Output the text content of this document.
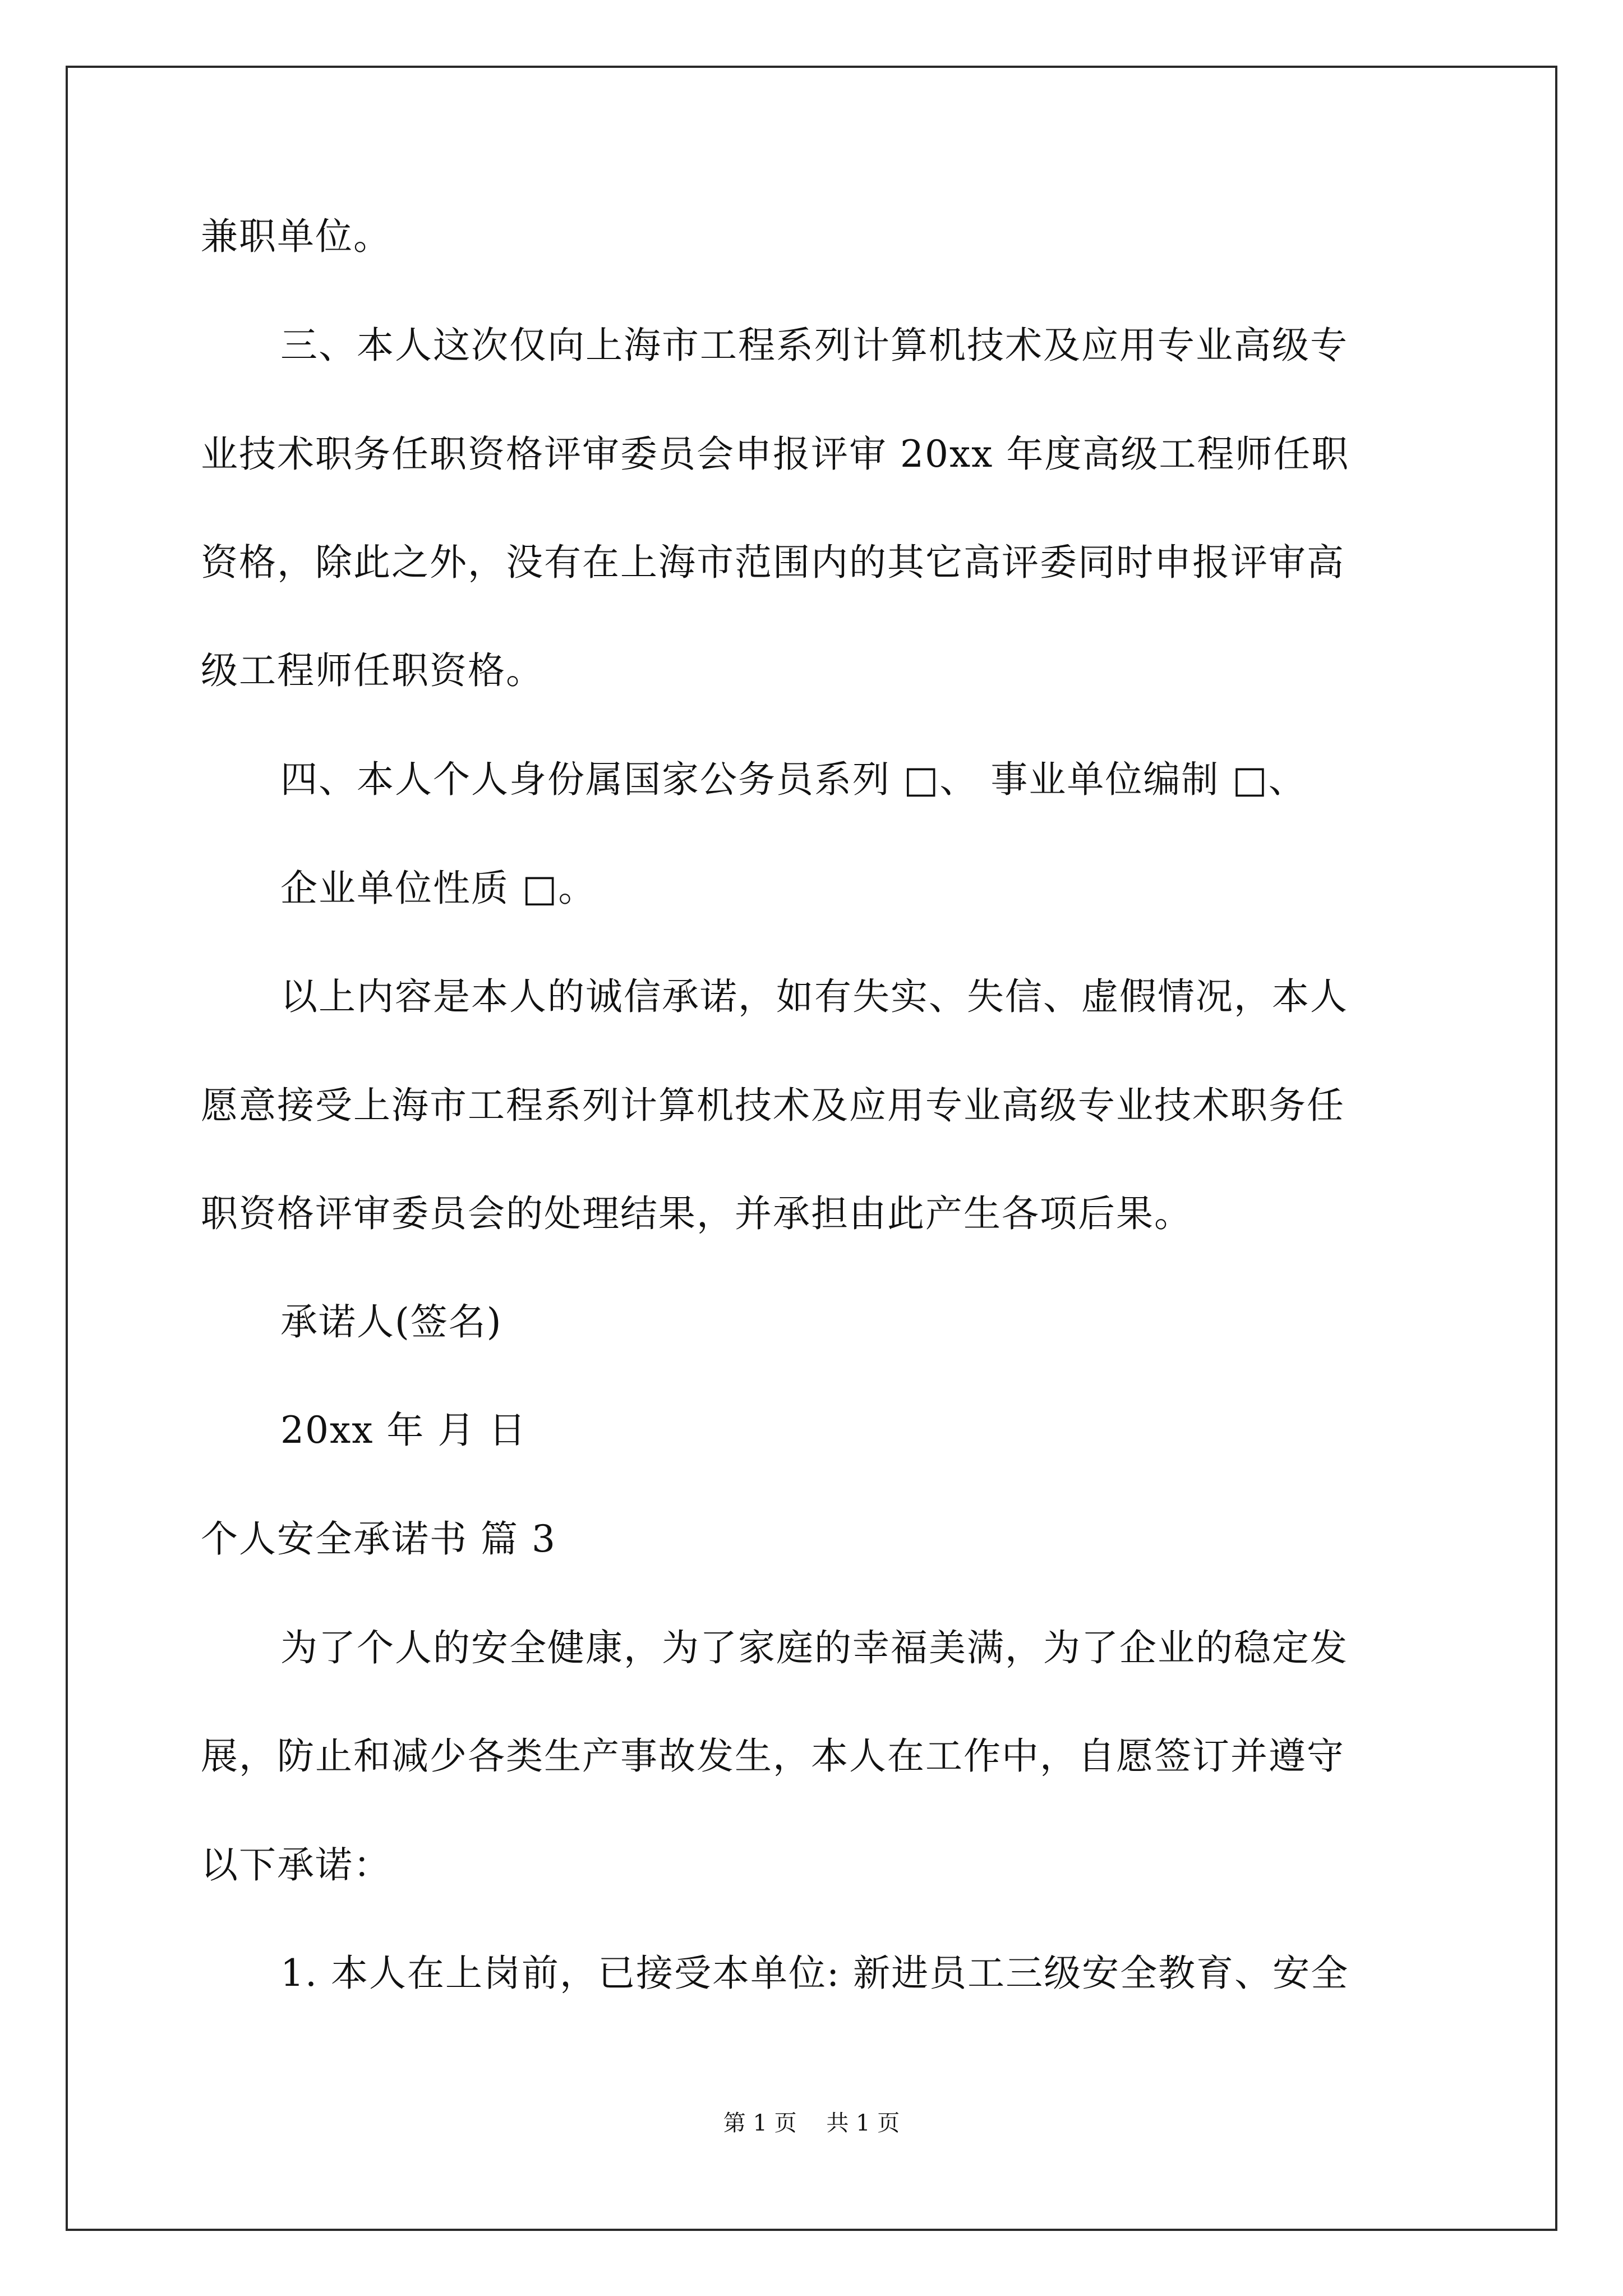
兼职单位。
三、本人这次仅向上海市工程系列计算机技术及应用专业高级专
业技术职务任职资格评审委员会申报评审 20xx 年度高级工程师任职
资格，除此之外，没有在上海市范围内的其它高评委同时申报评审高
级工程师任职资格。
四、本人个人身份属国家公务员系列 □、 事业单位编制 □、
企业单位性质 □。
以上内容是本人的诚信承诺，如有失实、失信、虚假情况，本人
愿意接受上海市工程系列计算机技术及应用专业高级专业技术职务任
职资格评审委员会的处理结果，并承担由此产生各项后果。
承诺人(签名)
20xx 年 月 日
个人安全承诺书 篇 3
为了个人的安全健康，为了家庭的幸福美满，为了企业的稳定发
展，防止和减少各类生产事故发生，本人在工作中，自愿签订并遵守
以下承诺：
1. 本人在上岗前，已接受本单位: 新进员工三级安全教育、安全
第 1 页 共 1 页
